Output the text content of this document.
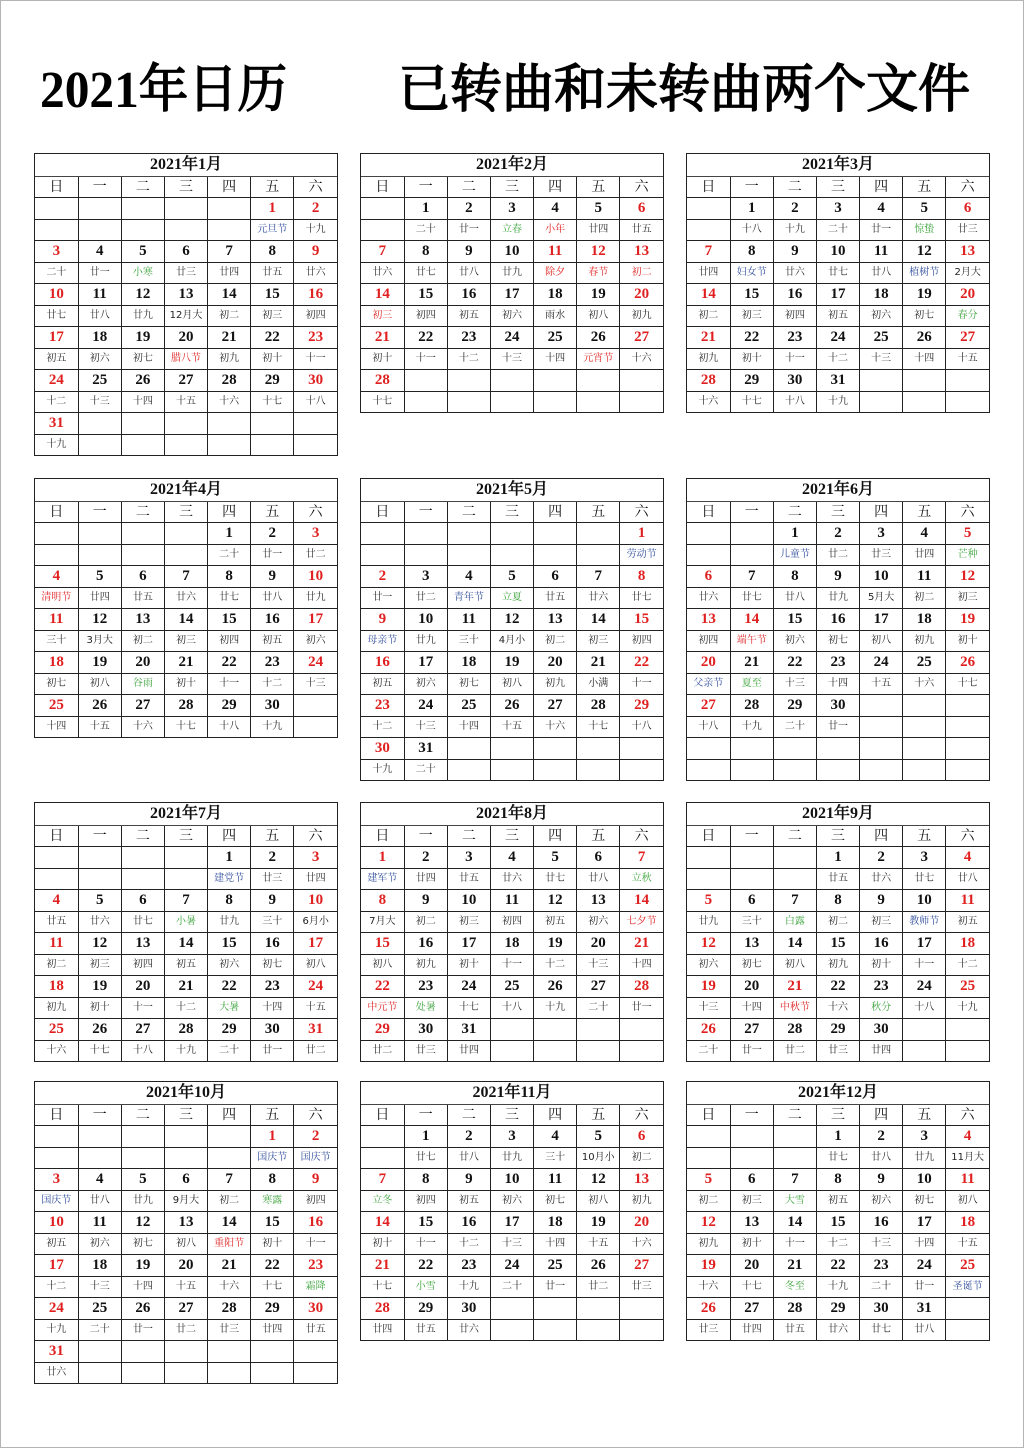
2021年日历 已转曲和未转曲两个文件
2021年1月
日	一	二	三	四	五	六
					1	2
					元旦节	十九
3	4	5	6	7	8	9
二十	廿一	小寒	廿三	廿四	廿五	廿六
10	11	12	13	14	15	16
廿七	廿八	廿九	12月大	初二	初三	初四
17	18	19	20	21	22	23
初五	初六	初七	腊八节	初九	初十	十一
24	25	26	27	28	29	30
十二	十三	十四	十五	十六	十七	十八
31						
十九						
2021年2月
日	一	二	三	四	五	六
	1	2	3	4	5	6
	二十	廿一	立春	小年	廿四	廿五
7	8	9	10	11	12	13
廿六	廿七	廿八	廿九	除夕	春节	初二
14	15	16	17	18	19	20
初三	初四	初五	初六	雨水	初八	初九
21	22	23	24	25	26	27
初十	十一	十二	十三	十四	元宵节	十六
28						
十七						
2021年3月
日	一	二	三	四	五	六
	1	2	3	4	5	6
	十八	十九	二十	廿一	惊蛰	廿三
7	8	9	10	11	12	13
廿四	妇女节	廿六	廿七	廿八	植树节	2月大
14	15	16	17	18	19	20
初二	初三	初四	初五	初六	初七	春分
21	22	23	24	25	26	27
初九	初十	十一	十二	十三	十四	十五
28	29	30	31			
十六	十七	十八	十九			
2021年4月
日	一	二	三	四	五	六
				1	2	3
				二十	廿一	廿二
4	5	6	7	8	9	10
清明节	廿四	廿五	廿六	廿七	廿八	廿九
11	12	13	14	15	16	17
三十	3月大	初二	初三	初四	初五	初六
18	19	20	21	22	23	24
初七	初八	谷雨	初十	十一	十二	十三
25	26	27	28	29	30	
十四	十五	十六	十七	十八	十九	
2021年5月
日	一	二	三	四	五	六
						1
						劳动节
2	3	4	5	6	7	8
廿一	廿二	青年节	立夏	廿五	廿六	廿七
9	10	11	12	13	14	15
母亲节	廿九	三十	4月小	初二	初三	初四
16	17	18	19	20	21	22
初五	初六	初七	初八	初九	小满	十一
23	24	25	26	27	28	29
十二	十三	十四	十五	十六	十七	十八
30	31					
十九	二十					
2021年6月
日	一	二	三	四	五	六
		1	2	3	4	5
		儿童节	廿二	廿三	廿四	芒种
6	7	8	9	10	11	12
廿六	廿七	廿八	廿九	5月大	初二	初三
13	14	15	16	17	18	19
初四	端午节	初六	初七	初八	初九	初十
20	21	22	23	24	25	26
父亲节	夏至	十三	十四	十五	十六	十七
27	28	29	30			
十八	十九	二十	廿一			

2021年7月
日	一	二	三	四	五	六
				1	2	3
				建党节	廿三	廿四
4	5	6	7	8	9	10
廿五	廿六	廿七	小暑	廿九	三十	6月小
11	12	13	14	15	16	17
初二	初三	初四	初五	初六	初七	初八
18	19	20	21	22	23	24
初九	初十	十一	十二	大暑	十四	十五
25	26	27	28	29	30	31
十六	十七	十八	十九	二十	廿一	廿二
2021年8月
日	一	二	三	四	五	六
1	2	3	4	5	6	7
建军节	廿四	廿五	廿六	廿七	廿八	立秋
8	9	10	11	12	13	14
7月大	初二	初三	初四	初五	初六	七夕节
15	16	17	18	19	20	21
初八	初九	初十	十一	十二	十三	十四
22	23	24	25	26	27	28
中元节	处暑	十七	十八	十九	二十	廿一
29	30	31				
廿二	廿三	廿四				
2021年9月
日	一	二	三	四	五	六
			1	2	3	4
			廿五	廿六	廿七	廿八
5	6	7	8	9	10	11
廿九	三十	白露	初二	初三	教师节	初五
12	13	14	15	16	17	18
初六	初七	初八	初九	初十	十一	十二
19	20	21	22	23	24	25
十三	十四	中秋节	十六	秋分	十八	十九
26	27	28	29	30		
二十	廿一	廿二	廿三	廿四		
2021年10月
日	一	二	三	四	五	六
					1	2
					国庆节	国庆节
3	4	5	6	7	8	9
国庆节	廿八	廿九	9月大	初二	寒露	初四
10	11	12	13	14	15	16
初五	初六	初七	初八	重阳节	初十	十一
17	18	19	20	21	22	23
十二	十三	十四	十五	十六	十七	霜降
24	25	26	27	28	29	30
十九	二十	廿一	廿二	廿三	廿四	廿五
31						
廿六						
2021年11月
日	一	二	三	四	五	六
	1	2	3	4	5	6
	廿七	廿八	廿九	三十	10月小	初二
7	8	9	10	11	12	13
立冬	初四	初五	初六	初七	初八	初九
14	15	16	17	18	19	20
初十	十一	十二	十三	十四	十五	十六
21	22	23	24	25	26	27
十七	小雪	十九	二十	廿一	廿二	廿三
28	29	30				
廿四	廿五	廿六				
2021年12月
日	一	二	三	四	五	六
			1	2	3	4
			廿七	廿八	廿九	11月大
5	6	7	8	9	10	11
初二	初三	大雪	初五	初六	初七	初八
12	13	14	15	16	17	18
初九	初十	十一	十二	十三	十四	十五
19	20	21	22	23	24	25
十六	十七	冬至	十九	二十	廿一	圣诞节
26	27	28	29	30	31	
廿三	廿四	廿五	廿六	廿七	廿八	
